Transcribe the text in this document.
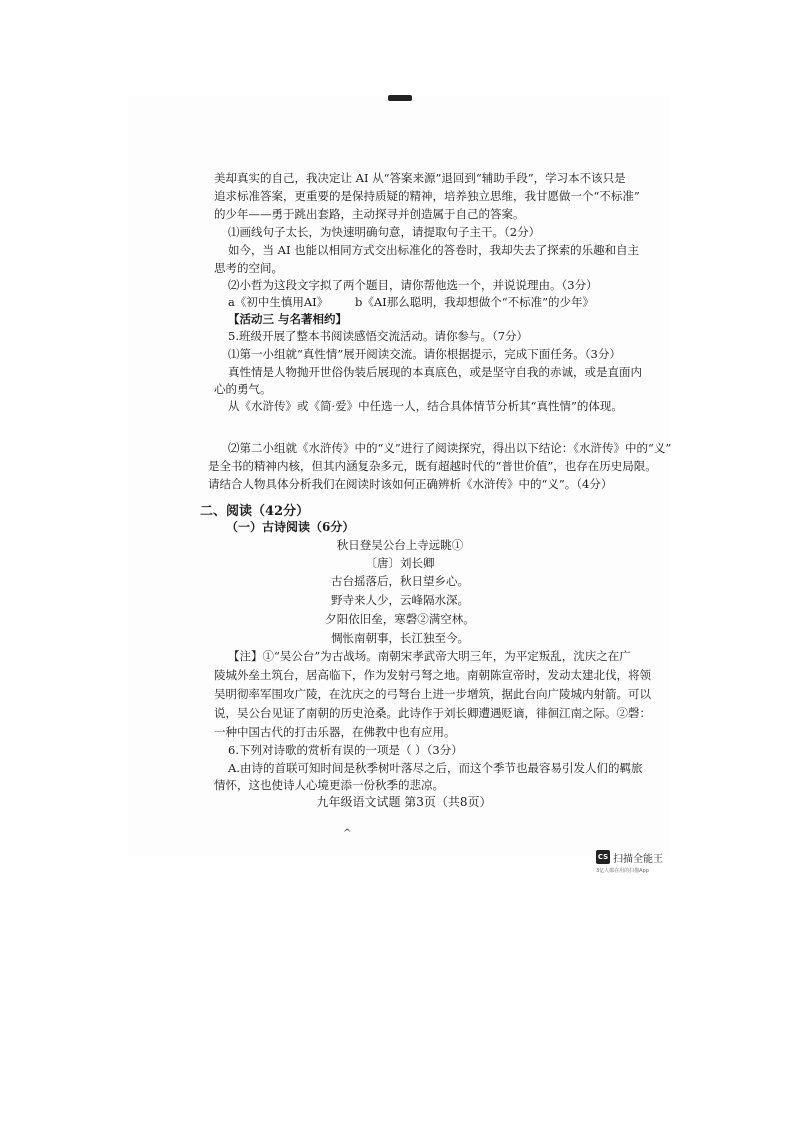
美却真实的自己，我决定让 AI 从“答案来源”退回到“辅助手段”，学习本不该只是
追求标准答案，更重要的是保持质疑的精神，培养独立思维，我甘愿做一个“不标准”
的少年——勇于跳出套路，主动探寻并创造属于自己的答案。
⑴画线句子太长，为快速明确句意，请提取句子主干。（2分）
如今，当 AI 也能以相同方式交出标准化的答卷时，我却失去了探索的乐趣和自主
思考的空间。
⑵小哲为这段文字拟了两个题目，请你帮他选一个，并说说理由。（3分）
a《初中生慎用AI》 b《AI那么聪明，我却想做个“不标准”的少年》
【活动三 与名著相约】
5.班级开展了整本书阅读感悟交流活动。请你参与。（7分）
⑴第一小组就“真性情”展开阅读交流。请你根据提示，完成下面任务。（3分）
真性情是人物抛开世俗伪装后展现的本真底色，或是坚守自我的赤诚，或是直面内
心的勇气。
从《水浒传》或《简·爱》中任选一人，结合具体情节分析其“真性情”的体现。
⑵第二小组就《水浒传》中的“义”进行了阅读探究，得出以下结论：《水浒传》中的“义”
是全书的精神内核，但其内涵复杂多元，既有超越时代的“普世价值”，也存在历史局限。
请结合人物具体分析我们在阅读时该如何正确辨析《水浒传》中的“义”。（4分）
二、阅读（42分）
（一）古诗阅读（6分）
秋日登吴公台上寺远眺①
〔唐〕刘长卿
古台摇落后，秋日望乡心。
野寺来人少，云峰隔水深。
夕阳依旧垒，寒磬②满空林。
惆怅南朝事，长江独至今。
【注】①“吴公台”为古战场。南朝宋孝武帝大明三年，为平定叛乱，沈庆之在广
陵城外垒土筑台，居高临下，作为发射弓弩之地。南朝陈宣帝时，发动太建北伐，将领
吴明彻率军围攻广陵，在沈庆之的弓弩台上进一步增筑，据此台向广陵城内射箭。可以
说，吴公台见证了南朝的历史沧桑。此诗作于刘长卿遭遇贬谪，徘徊江南之际。②磬：
一种中国古代的打击乐器，在佛教中也有应用。
6.下列对诗歌的赏析有误的一项是（ ）（3分）
A.由诗的首联可知时间是秋季树叶落尽之后，而这个季节也最容易引发人们的羁旅
情怀，这也使诗人心境更添一份秋季的悲凉。
九年级语文试题 第3页（共8页）
^
CS 扫描全能王
3亿人都在用的扫描App
